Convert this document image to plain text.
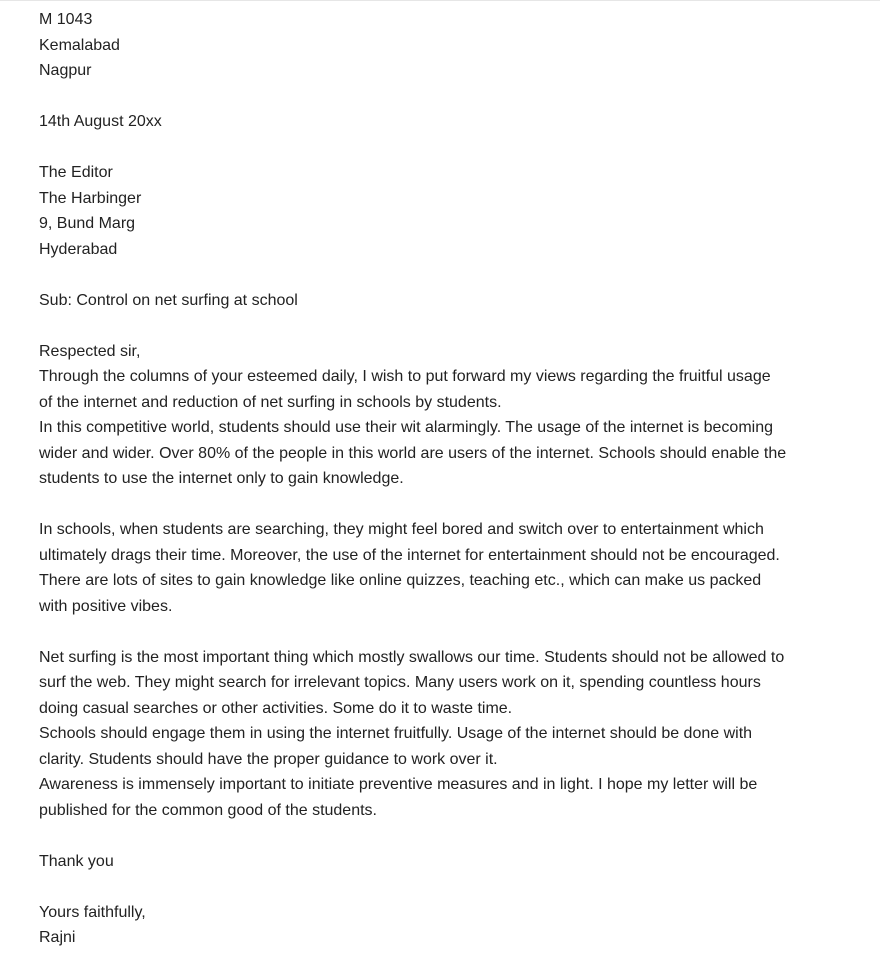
M 1043
Kemalabad
Nagpur
14th August 20xx
The Editor
The Harbinger
9, Bund Marg
Hyderabad
Sub: Control on net surfing at school
Respected sir,
Through the columns of your esteemed daily, I wish to put forward my views regarding the fruitful usage
of the internet and reduction of net surfing in schools by students.
In this competitive world, students should use their wit alarmingly. The usage of the internet is becoming
wider and wider. Over 80% of the people in this world are users of the internet. Schools should enable the
students to use the internet only to gain knowledge.
In schools, when students are searching, they might feel bored and switch over to entertainment which
ultimately drags their time. Moreover, the use of the internet for entertainment should not be encouraged.
There are lots of sites to gain knowledge like online quizzes, teaching etc., which can make us packed
with positive vibes.
Net surfing is the most important thing which mostly swallows our time. Students should not be allowed to
surf the web. They might search for irrelevant topics. Many users work on it, spending countless hours
doing casual searches or other activities. Some do it to waste time.
Schools should engage them in using the internet fruitfully. Usage of the internet should be done with
clarity. Students should have the proper guidance to work over it.
Awareness is immensely important to initiate preventive measures and in light. I hope my letter will be
published for the common good of the students.
Thank you
Yours faithfully,
Rajni
